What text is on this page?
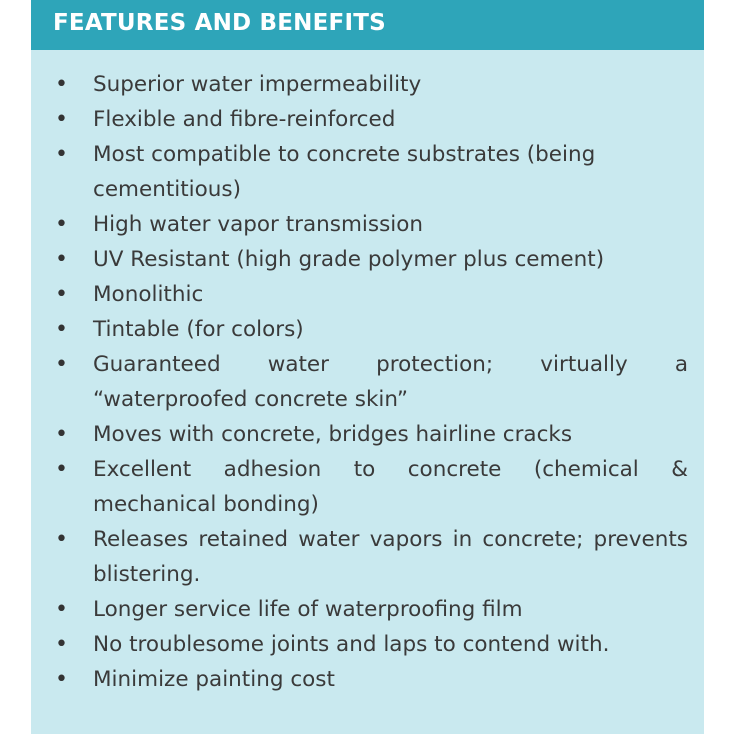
FEATURES AND BENEFITS
• Superior water impermeability
• Flexible and fibre-reinforced
• Most compatible to concrete substrates (being cementitious)
• High water vapor transmission
• UV Resistant (high grade polymer plus cement)
• Monolithic
• Tintable (for colors)
• Guaranteed water protection; virtually a “waterproofed concrete skin”
• Moves with concrete, bridges hairline cracks
• Excellent adhesion to concrete (chemical & mechanical bonding)
• Releases retained water vapors in concrete; prevents blistering.
• Longer service life of waterproofing film
• No troublesome joints and laps to contend with.
• Minimize painting cost
